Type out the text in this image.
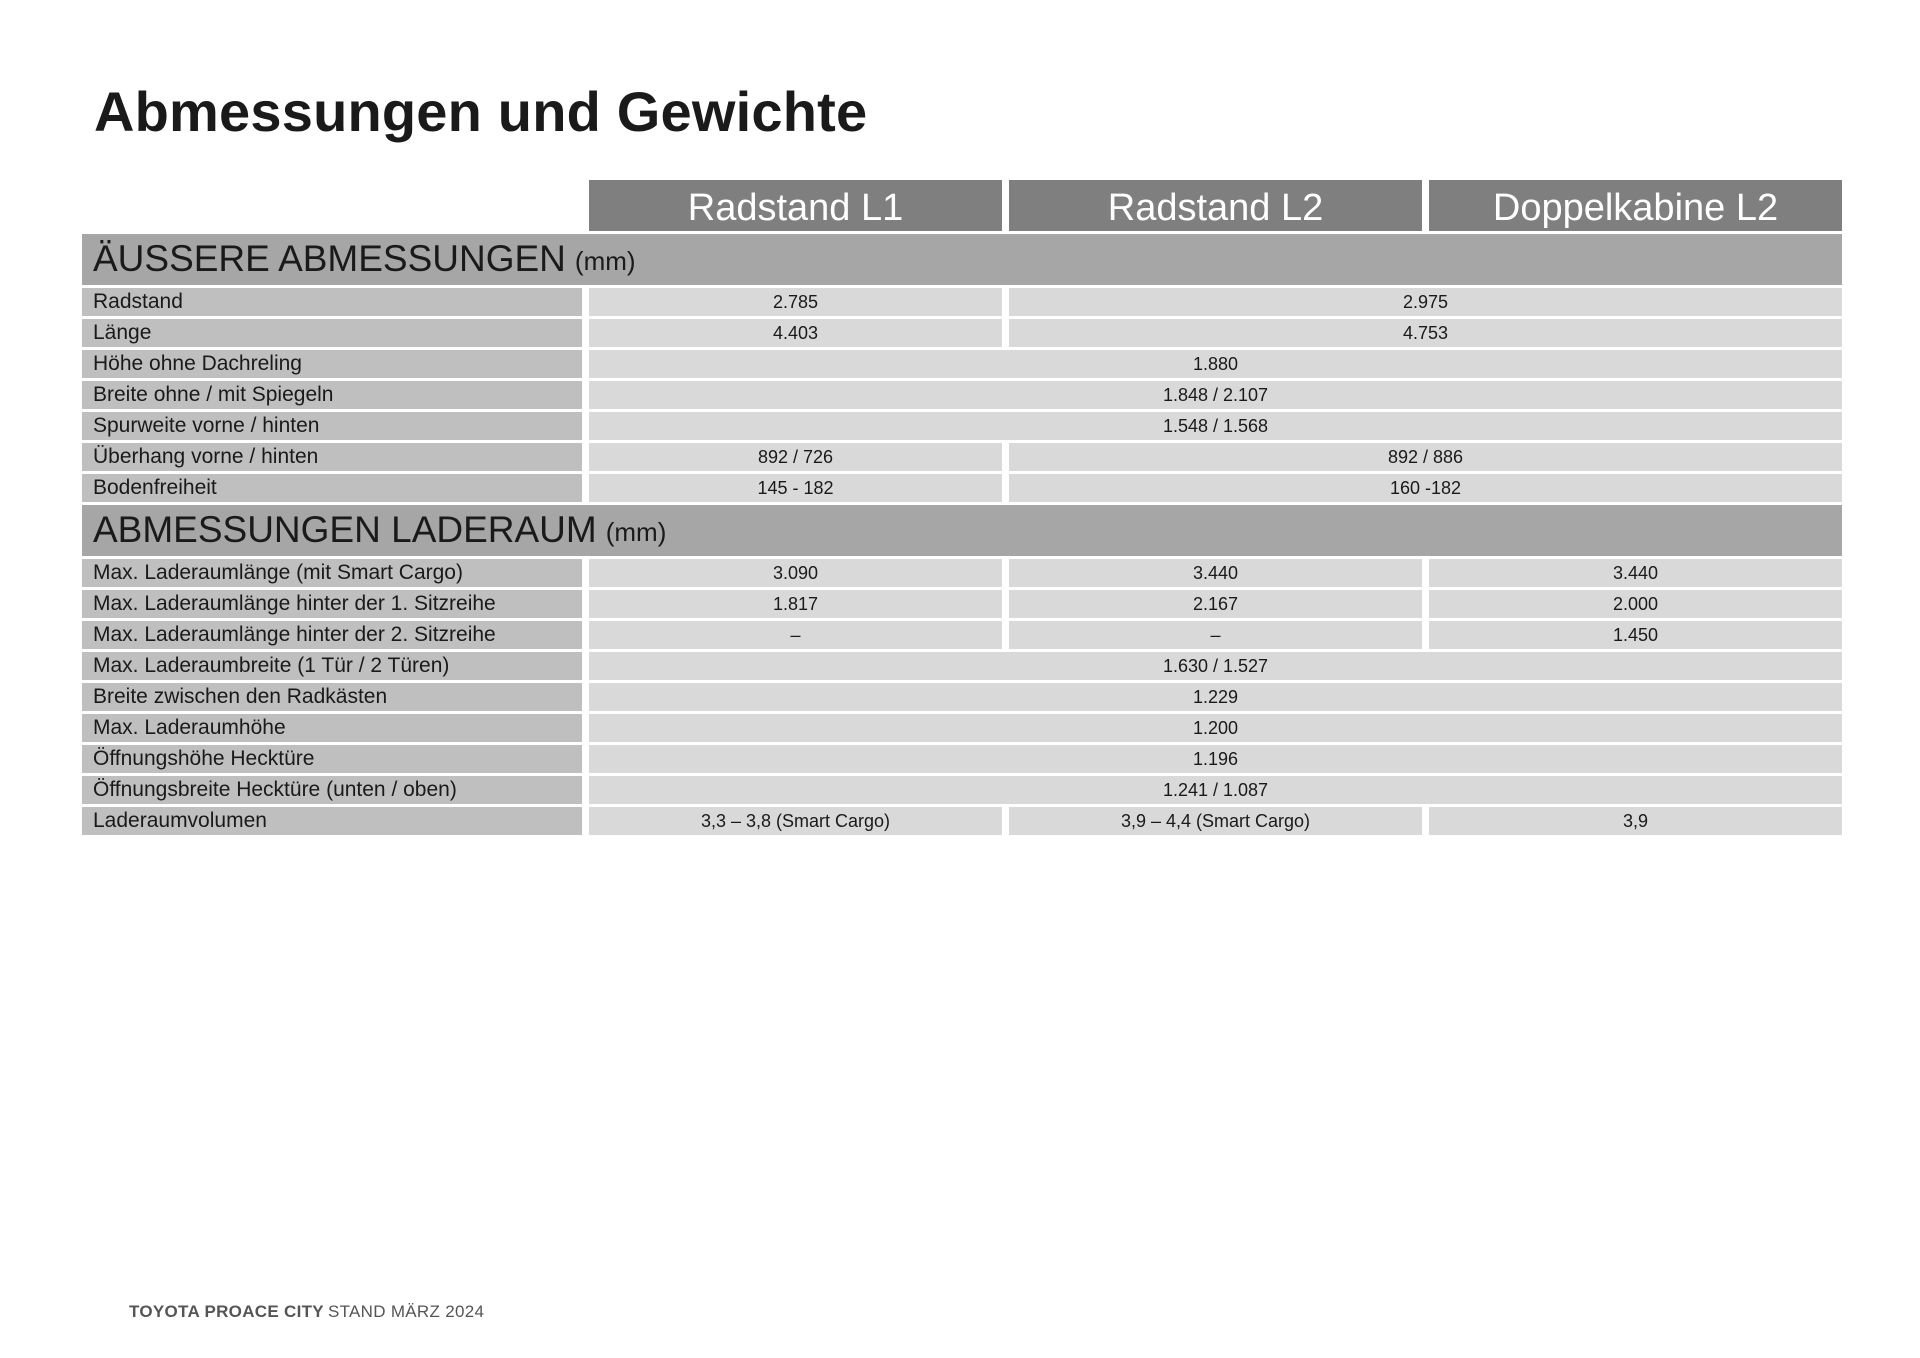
Abmessungen und Gewichte
Radstand L1	Radstand L2	Doppelkabine L2
ÄUSSERE ABMESSUNGEN (mm)
Radstand	2.785	2.975
Länge	4.403	4.753
Höhe ohne Dachreling	1.880
Breite ohne / mit Spiegeln	1.848 / 2.107
Spurweite vorne / hinten	1.548 / 1.568
Überhang vorne / hinten	892 / 726	892 / 886
Bodenfreiheit	145 - 182	160 -182
ABMESSUNGEN LADERAUM (mm)
Max. Laderaumlänge (mit Smart Cargo)	3.090	3.440	3.440
Max. Laderaumlänge hinter der 1. Sitzreihe	1.817	2.167	2.000
Max. Laderaumlänge hinter der 2. Sitzreihe	–	–	1.450
Max. Laderaumbreite (1 Tür / 2 Türen)	1.630 / 1.527
Breite zwischen den Radkästen	1.229
Max. Laderaumhöhe	1.200
Öffnungshöhe Hecktüre	1.196
Öffnungsbreite Hecktüre (unten / oben)	1.241 / 1.087
Laderaumvolumen	3,3 – 3,8 (Smart Cargo)	3,9 – 4,4 (Smart Cargo)	3,9
TOYOTA PROACE CITY STAND MÄRZ 2024
